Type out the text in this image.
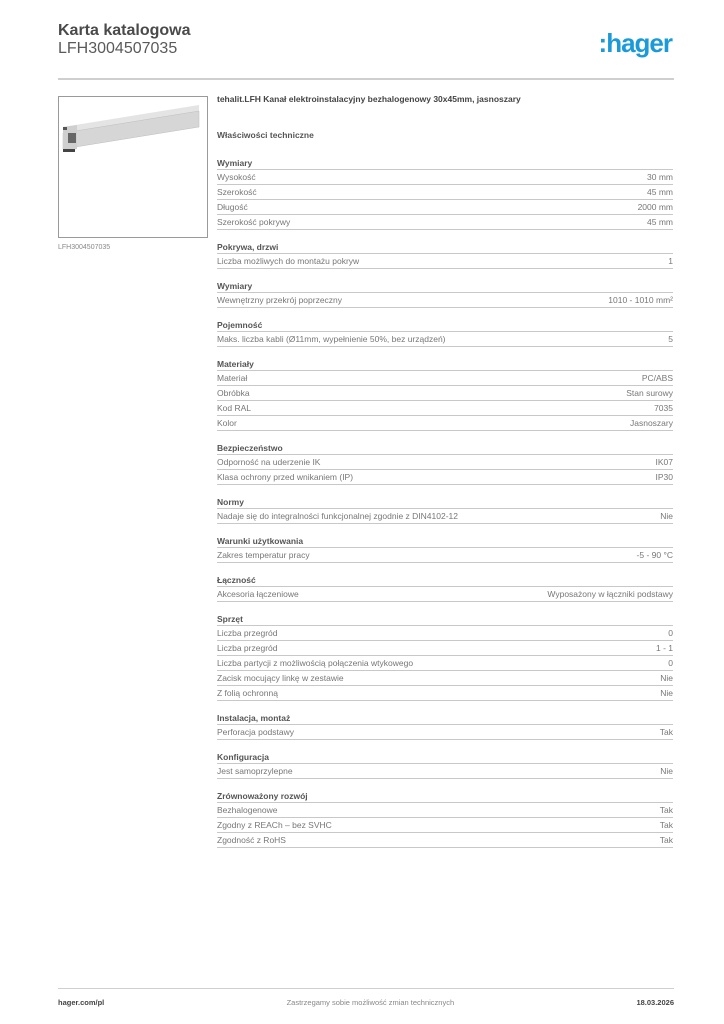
Karta katalogowa
LFH3004507035	:hager
LFH3004507035
tehalit.LFH Kanał elektroinstalacyjny bezhalogenowy 30x45mm, jasnoszary
Właściwości techniczne
Wymiary
Wysokość	30 mm
Szerokość	45 mm
Długość	2000 mm
Szerokość pokrywy	45 mm
Pokrywa, drzwi
Liczba możliwych do montażu pokryw	1
Wymiary
Wewnętrzny przekrój poprzeczny	1010 - 1010 mm²
Pojemność
Maks. liczba kabli (Ø11mm, wypełnienie 50%, bez urządzeń)	5
Materiały
Materiał	PC/ABS
Obróbka	Stan surowy
Kod RAL	7035
Kolor	Jasnoszary
Bezpieczeństwo
Odporność na uderzenie IK	IK07
Klasa ochrony przed wnikaniem (IP)	IP30
Normy
Nadaje się do integralności funkcjonalnej zgodnie z DIN4102-12	Nie
Warunki użytkowania
Zakres temperatur pracy	-5 - 90 °C
Łączność
Akcesoria łączeniowe	Wyposażony w łączniki podstawy
Sprzęt
Liczba przegród	0
Liczba przegród	1 - 1
Liczba partycji z możliwością połączenia wtykowego	0
Zacisk mocujący linkę w zestawie	Nie
Z folią ochronną	Nie
Instalacja, montaż
Perforacja podstawy	Tak
Konfiguracja
Jest samoprzylepne	Nie
Zrównoważony rozwój
Bezhalogenowe	Tak
Zgodny z REACh – bez SVHC	Tak
Zgodność z RoHS	Tak
hager.com/pl	Zastrzegamy sobie możliwość zmian technicznych	18.03.2026
